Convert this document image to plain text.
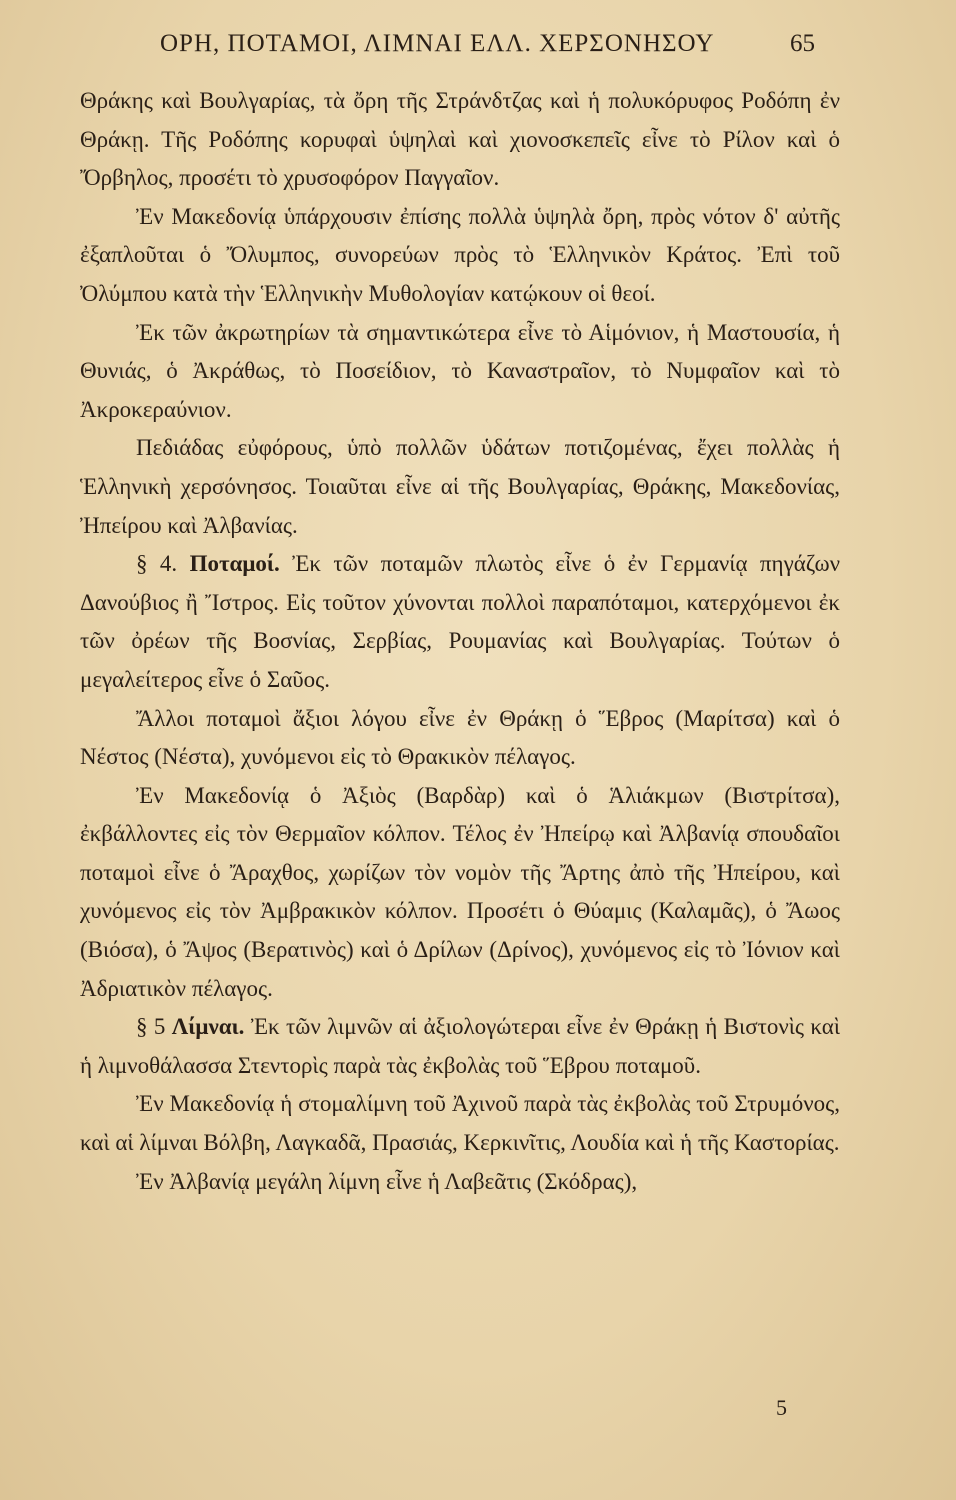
ΟΡΗ, ΠΟΤΑΜΟΙ, ΛΙΜΝΑΙ ΕΛΛ. ΧΕΡΣΟΝΗΣΟΥ	65

Θράκης καὶ Βουλγαρίας, τὰ ὄρη τῆς Στράνδτζας καὶ ἡ πολυκόρυφος Ροδόπη ἐν Θράκῃ. Τῆς Ροδόπης κορυφαὶ ὑψηλαὶ καὶ χιονοσκεπεῖς εἶνε τὸ Ρίλον καὶ ὁ Ὄρβηλος, προσέτι τὸ χρυσοφόρον Παγγαῖον.

Ἐν Μακεδονίᾳ ὑπάρχουσιν ἐπίσης πολλὰ ὑψηλὰ ὄρη, πρὸς νότον δ' αὐτῆς ἐξαπλοῦται ὁ Ὄλυμπος, συνορεύων πρὸς τὸ Ἑλληνικὸν Κράτος. Ἐπὶ τοῦ Ὀλύμπου κατὰ τὴν Ἑλληνικὴν Μυθολογίαν κατῴκουν οἱ θεοί.

Ἐκ τῶν ἀκρωτηρίων τὰ σημαντικώτερα εἶνε τὸ Αἱμόνιον, ἡ Μαστουσία, ἡ Θυνιάς, ὁ Ἀκράθως, τὸ Ποσείδιον, τὸ Καναστραῖον, τὸ Νυμφαῖον καὶ τὸ Ἀκροκεραύνιον.

Πεδιάδας εὐφόρους, ὑπὸ πολλῶν ὑδάτων ποτιζομένας, ἔχει πολλὰς ἡ Ἑλληνικὴ χερσόνησος. Τοιαῦται εἶνε αἱ τῆς Βουλγαρίας, Θράκης, Μακεδονίας, Ἠπείρου καὶ Ἀλβανίας.

§ 4. Ποταμοί. Ἐκ τῶν ποταμῶν πλωτὸς εἶνε ὁ ἐν Γερμανίᾳ πηγάζων Δανούβιος ἢ Ἴστρος. Εἰς τοῦτον χύνονται πολλοὶ παραπόταμοι, κατερχόμενοι ἐκ τῶν ὀρέων τῆς Βοσνίας, Σερβίας, Ρουμανίας καὶ Βουλγαρίας. Τούτων ὁ μεγαλείτερος εἶνε ὁ Σαῦος.

Ἄλλοι ποταμοὶ ἄξιοι λόγου εἶνε ἐν Θράκῃ ὁ Ἕβρος (Μαρίτσα) καὶ ὁ Νέστος (Νέστα), χυνόμενοι εἰς τὸ Θρακικὸν πέλαγος.

Ἐν Μακεδονίᾳ ὁ Ἀξιὸς (Βαρδὰρ) καὶ ὁ Ἁλιάκμων (Βιστρίτσα), ἐκβάλλοντες εἰς τὸν Θερμαῖον κόλπον. Τέλος ἐν Ἠπείρῳ καὶ Ἀλβανίᾳ σπουδαῖοι ποταμοὶ εἶνε ὁ Ἄραχθος, χωρίζων τὸν νομὸν τῆς Ἄρτης ἀπὸ τῆς Ἠπείρου, καὶ χυνόμενος εἰς τὸν Ἀμβρακικὸν κόλπον. Προσέτι ὁ Θύαμις (Καλαμᾶς), ὁ Ἄωος (Βιόσα), ὁ Ἄψος (Βερατινὸς) καὶ ὁ Δρίλων (Δρίνος), χυνόμενος εἰς τὸ Ἰόνιον καὶ Ἀδριατικὸν πέλαγος.

§ 5 Λίμναι. Ἐκ τῶν λιμνῶν αἱ ἀξιολογώτεραι εἶνε ἐν Θράκῃ ἡ Βιστονὶς καὶ ἡ λιμνοθάλασσα Στεντορὶς παρὰ τὰς ἐκβολὰς τοῦ Ἕβρου ποταμοῦ.

Ἐν Μακεδονίᾳ ἡ στομαλίμνη τοῦ Ἀχινοῦ παρὰ τὰς ἐκβολὰς τοῦ Στρυμόνος, καὶ αἱ λίμναι Βόλβη, Λαγκαδᾶ, Πρασιάς, Κερκινῖτις, Λουδία καὶ ἡ τῆς Καστορίας.

Ἐν Ἀλβανίᾳ μεγάλη λίμνη εἶνε ἡ Λαβεᾶτις (Σκόδρας),

5
